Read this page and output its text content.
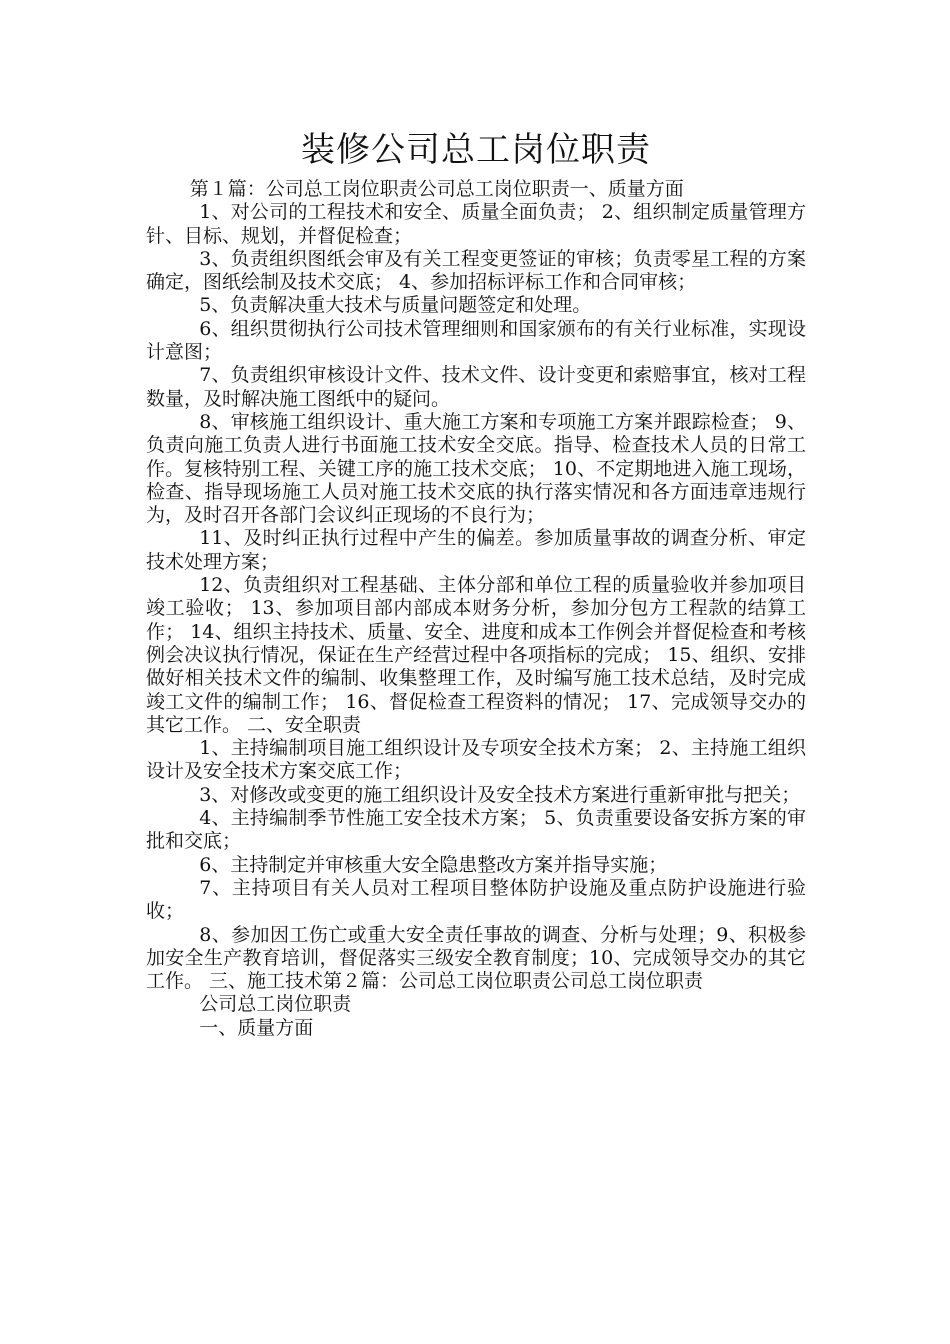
装修公司总工岗位职责

第１篇：公司总工岗位职责公司总工岗位职责一、质量方面

1、对公司的工程技术和安全、质量全面负责； 2、组织制定质量管理方针、目标、规划，并督促检查；

3、负责组织图纸会审及有关工程变更签证的审核；负责零星工程的方案确定，图纸绘制及技术交底； 4、参加招标评标工作和合同审核；

5、负责解决重大技术与质量问题签定和处理。

6、组织贯彻执行公司技术管理细则和国家颁布的有关行业标准，实现设计意图；

7、负责组织审核设计文件、技术文件、设计变更和索赔事宜，核对工程数量，及时解决施工图纸中的疑问。

8、审核施工组织设计、重大施工方案和专项施工方案并跟踪检查； 9、负责向施工负责人进行书面施工技术安全交底。指导、检查技术人员的日常工作。复核特别工程、关键工序的施工技术交底； 10、不定期地进入施工现场，检查、指导现场施工人员对施工技术交底的执行落实情况和各方面违章违规行为，及时召开各部门会议纠正现场的不良行为；

11、及时纠正执行过程中产生的偏差。参加质量事故的调查分析、审定技术处理方案；

12、负责组织对工程基础、主体分部和单位工程的质量验收并参加项目竣工验收； 13、参加项目部内部成本财务分析，参加分包方工程款的结算工作； 14、组织主持技术、质量、安全、进度和成本工作例会并督促检查和考核例会决议执行情况，保证在生产经营过程中各项指标的完成； 15、组织、安排做好相关技术文件的编制、收集整理工作，及时编写施工技术总结，及时完成竣工文件的编制工作； 16、督促检查工程资料的情况； 17、完成领导交办的其它工作。 二、安全职责

1、主持编制项目施工组织设计及专项安全技术方案； 2、主持施工组织设计及安全技术方案交底工作；

3、对修改或变更的施工组织设计及安全技术方案进行重新审批与把关；

4、主持编制季节性施工安全技术方案； 5、负责重要设备安拆方案的审批和交底；

6、主持制定并审核重大安全隐患整改方案并指导实施；

7、主持项目有关人员对工程项目整体防护设施及重点防护设施进行验收；

8、参加因工伤亡或重大安全责任事故的调查、分析与处理；9、积极参加安全生产教育培训，督促落实三级安全教育制度；10、完成领导交办的其它工作。 三、施工技术第２篇：公司总工岗位职责公司总工岗位职责

公司总工岗位职责

一、质量方面
